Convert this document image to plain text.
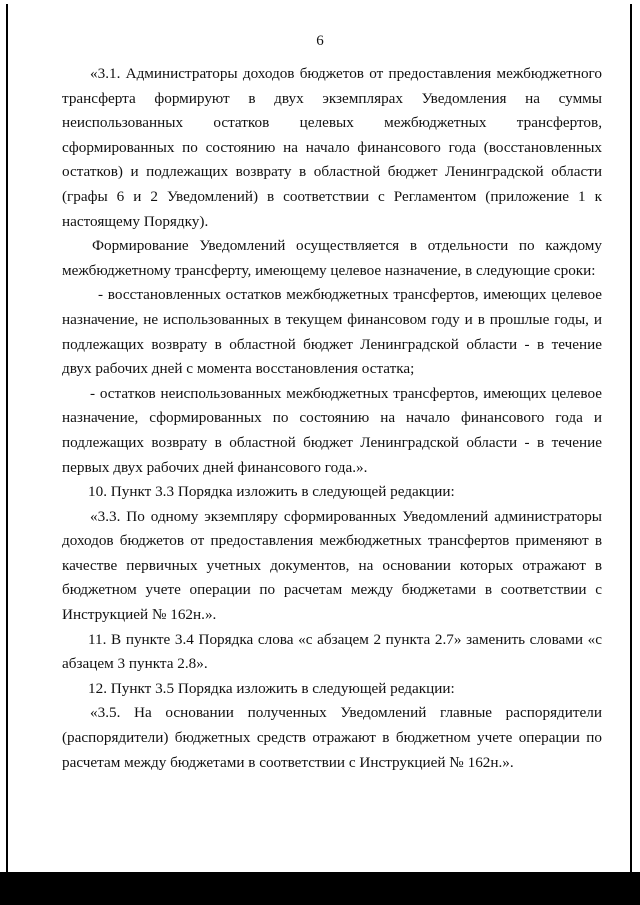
6

«3.1. Администраторы доходов бюджетов от предоставления межбюджетного трансферта формируют в двух экземплярах Уведомления на суммы неиспользованных остатков целевых межбюджетных трансфертов, сформированных по состоянию на начало финансового года (восстановленных остатков) и подлежащих возврату в областной бюджет Ленинградской области (графы 6 и 2 Уведомлений) в соответствии с Регламентом (приложение 1 к настоящему Порядку).

Формирование Уведомлений осуществляется в отдельности по каждому межбюджетному трансферту, имеющему целевое назначение, в следующие сроки:

- восстановленных остатков межбюджетных трансфертов, имеющих целевое назначение, не использованных в текущем финансовом году и в прошлые годы, и подлежащих возврату в областной бюджет Ленинградской области - в течение двух рабочих дней с момента восстановления остатка;

- остатков неиспользованных межбюджетных трансфертов, имеющих целевое назначение, сформированных по состоянию на начало финансового года и подлежащих возврату в областной бюджет Ленинградской области - в течение первых двух рабочих дней финансового года.».

10. Пункт 3.3 Порядка изложить в следующей редакции:

«3.3. По одному экземпляру сформированных Уведомлений администраторы доходов бюджетов от предоставления межбюджетных трансфертов применяют в качестве первичных учетных документов, на основании которых отражают в бюджетном учете операции по расчетам между бюджетами в соответствии с Инструкцией № 162н.».

11. В пункте 3.4 Порядка слова «с абзацем 2 пункта 2.7» заменить словами «с абзацем 3 пункта 2.8».

12. Пункт 3.5 Порядка изложить в следующей редакции:

«3.5. На основании полученных Уведомлений главные распорядители (распорядители) бюджетных средств отражают в бюджетном учете операции по расчетам между бюджетами в соответствии с Инструкцией № 162н.».
